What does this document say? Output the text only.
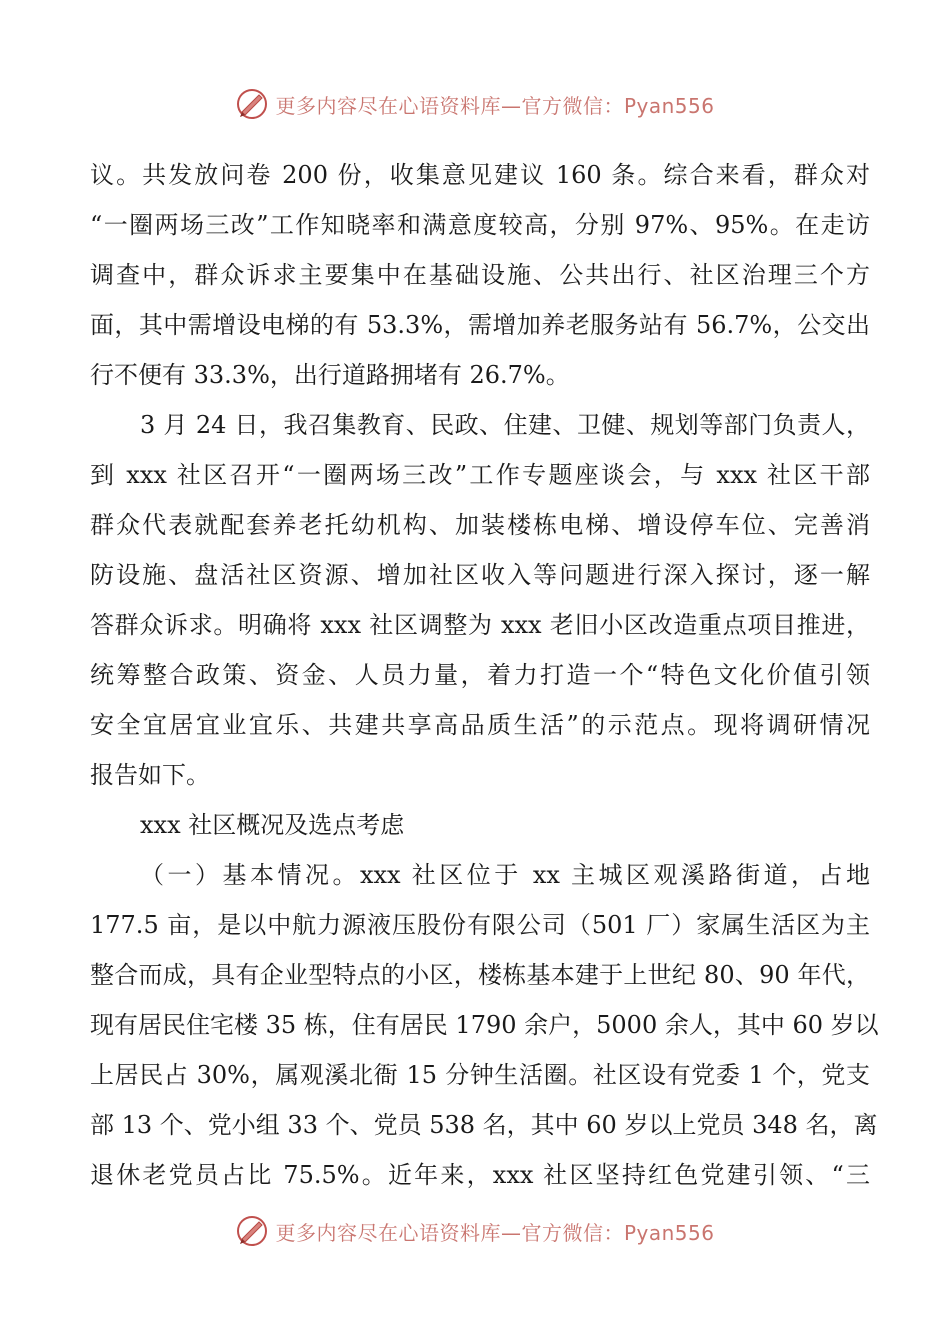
更多内容尽在心语资料库—官方微信：Pyan556
议。共发放问卷 200 份，收集意见建议 160 条。综合来看，群众对
“一圈两场三改”工作知晓率和满意度较高，分别 97%、95%。在走访
调查中，群众诉求主要集中在基础设施、公共出行、社区治理三个方
面，其中需增设电梯的有 53.3%，需增加养老服务站有 56.7%，公交出
行不便有 33.3%，出行道路拥堵有 26.7%。
3 月 24 日，我召集教育、民政、住建、卫健、规划等部门负责人，
到 xxx 社区召开“一圈两场三改”工作专题座谈会，与 xxx 社区干部
群众代表就配套养老托幼机构、加装楼栋电梯、增设停车位、完善消
防设施、盘活社区资源、增加社区收入等问题进行深入探讨，逐一解
答群众诉求。明确将 xxx 社区调整为 xxx 老旧小区改造重点项目推进，
统筹整合政策、资金、人员力量，着力打造一个“特色文化价值引领
安全宜居宜业宜乐、共建共享高品质生活”的示范点。现将调研情况
报告如下。
xxx 社区概况及选点考虑
（一）基本情况。xxx 社区位于 xx 主城区观溪路街道，占地
177.5 亩，是以中航力源液压股份有限公司（501 厂）家属生活区为主
整合而成，具有企业型特点的小区，楼栋基本建于上世纪 80、90 年代，
现有居民住宅楼 35 栋，住有居民 1790 余户，5000 余人，其中 60 岁以
上居民占 30%，属观溪北衙 15 分钟生活圈。社区设有党委 1 个，党支
部 13 个、党小组 33 个、党员 538 名，其中 60 岁以上党员 348 名，离
退休老党员占比 75.5%。近年来，xxx 社区坚持红色党建引领、“三
更多内容尽在心语资料库—官方微信：Pyan556
